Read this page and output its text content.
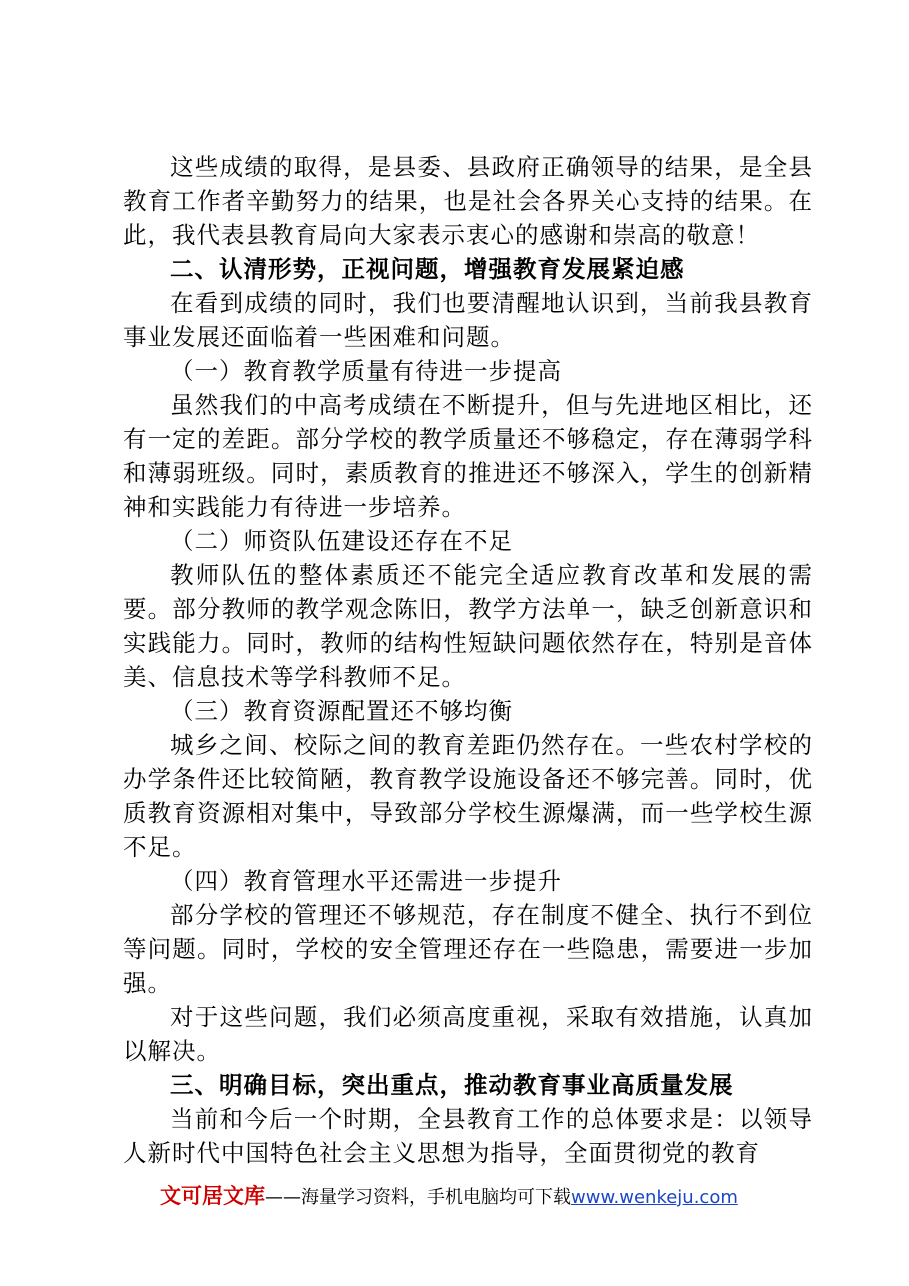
这些成绩的取得，是县委、县政府正确领导的结果，是全县教育工作者辛勤努力的结果，也是社会各界关心支持的结果。在此，我代表县教育局向大家表示衷心的感谢和崇高的敬意！

二、认清形势，正视问题，增强教育发展紧迫感

在看到成绩的同时，我们也要清醒地认识到，当前我县教育事业发展还面临着一些困难和问题。

（一）教育教学质量有待进一步提高

虽然我们的中高考成绩在不断提升，但与先进地区相比，还有一定的差距。部分学校的教学质量还不够稳定，存在薄弱学科和薄弱班级。同时，素质教育的推进还不够深入，学生的创新精神和实践能力有待进一步培养。

（二）师资队伍建设还存在不足

教师队伍的整体素质还不能完全适应教育改革和发展的需要。部分教师的教学观念陈旧，教学方法单一，缺乏创新意识和实践能力。同时，教师的结构性短缺问题依然存在，特别是音体美、信息技术等学科教师不足。

（三）教育资源配置还不够均衡

城乡之间、校际之间的教育差距仍然存在。一些农村学校的办学条件还比较简陋，教育教学设施设备还不够完善。同时，优质教育资源相对集中，导致部分学校生源爆满，而一些学校生源不足。

（四）教育管理水平还需进一步提升

部分学校的管理还不够规范，存在制度不健全、执行不到位等问题。同时，学校的安全管理还存在一些隐患，需要进一步加强。

对于这些问题，我们必须高度重视，采取有效措施，认真加以解决。

三、明确目标，突出重点，推动教育事业高质量发展

当前和今后一个时期，全县教育工作的总体要求是：以领导人新时代中国特色社会主义思想为指导，全面贯彻党的教育

文可居文库——海量学习资料，手机电脑均可下载www.wenkeju.com
